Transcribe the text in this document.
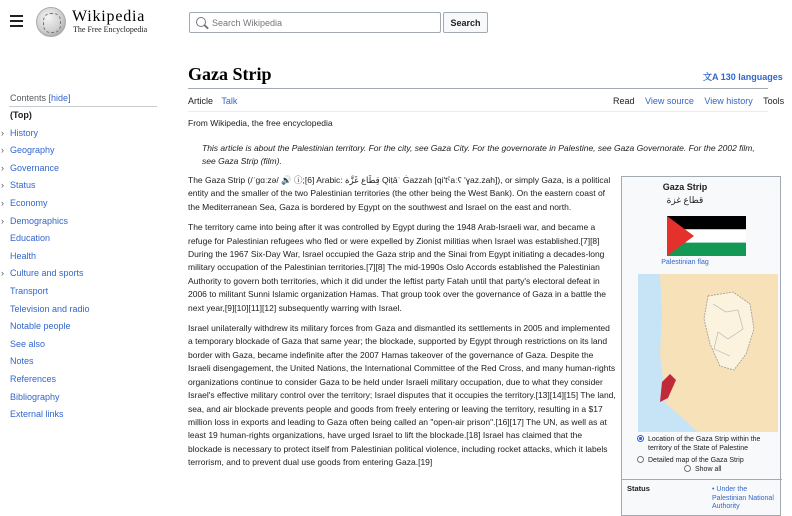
Wikipedia
The Free Encyclopedia
Search Wikipedia
Search
Contents [hide]
(Top)
› History
› Geography
› Governance
› Status
› Economy
› Demographics
Education
Health
› Culture and sports
Transport
Television and radio
Notable people
See also
Notes
References
Bibliography
External links
Gaza Strip	文A 130 languages
Article Talk	Read View source View history Tools
From Wikipedia, the free encyclopedia
This article is about the Palestinian territory. For the city, see Gaza City. For the governorate in Palestine, see Gaza Governorate. For the 2002 film, see Gaza Strip (film).

The Gaza Strip (/ˈɡɑːzə/ 🔊 ⓘ;[6] Arabic: قِطَاع غَزَّة Qiṭāʿ Ġazzah [qi'tˤaːʕ 'ɣaz.zah]), or simply Gaza, is a political entity and the smaller of the two Palestinian territories (the other being the West Bank). On the eastern coast of the Mediterranean Sea, Gaza is bordered by Egypt on the southwest and Israel on the east and north.

The territory came into being after it was controlled by Egypt during the 1948 Arab-Israeli war, and became a refuge for Palestinian refugees who fled or were expelled by Zionist militias when Israel was established.[7][8] During the 1967 Six-Day War, Israel occupied the Gaza strip and the Sinai from Egypt initiating a decades-long military occupation of the Palestinian territories.[7][8] The mid-1990s Oslo Accords established the Palestinian Authority to govern both territories, which it did under the leftist party Fatah until that party's electoral defeat in 2006 to militant Sunni Islamic organization Hamas. That group took over the governance of Gaza in a battle the next year,[9][10][11][12] subsequently warring with Israel.

Israel unilaterally withdrew its military forces from Gaza and dismantled its settlements in 2005 and implemented a temporary blockade of Gaza that same year; the blockade, supported by Egypt through restrictions on its land border with Gaza, became indefinite after the 2007 Hamas takeover of the governance of Gaza. Despite the Israeli disengagement, the United Nations, the International Committee of the Red Cross, and many human-rights organizations continue to consider Gaza to be held under Israeli military occupation, due to what they consider Israel's effective military control over the territory; Israel disputes that it occupies the territory.[13][14][15] The land, sea, and air blockade prevents people and goods from freely entering or leaving the territory, resulting in a $17 million loss in exports and leading to Gaza often being called an "open-air prison".[16][17] The UN, as well as at least 19 human-rights organizations, have urged Israel to lift the blockade.[18] Israel has claimed that the blockade is necessary to protect itself from Palestinian political violence, including rocket attacks, which it labels terrorism, and to prevent dual use goods from entering Gaza.[19]

Gaza Strip
قطاع غزة
Palestinian flag
Location of the Gaza Strip within the territory of the State of Palestine
Detailed map of the Gaza Strip
Show all
Status	• Under the Palestinian National Authority
